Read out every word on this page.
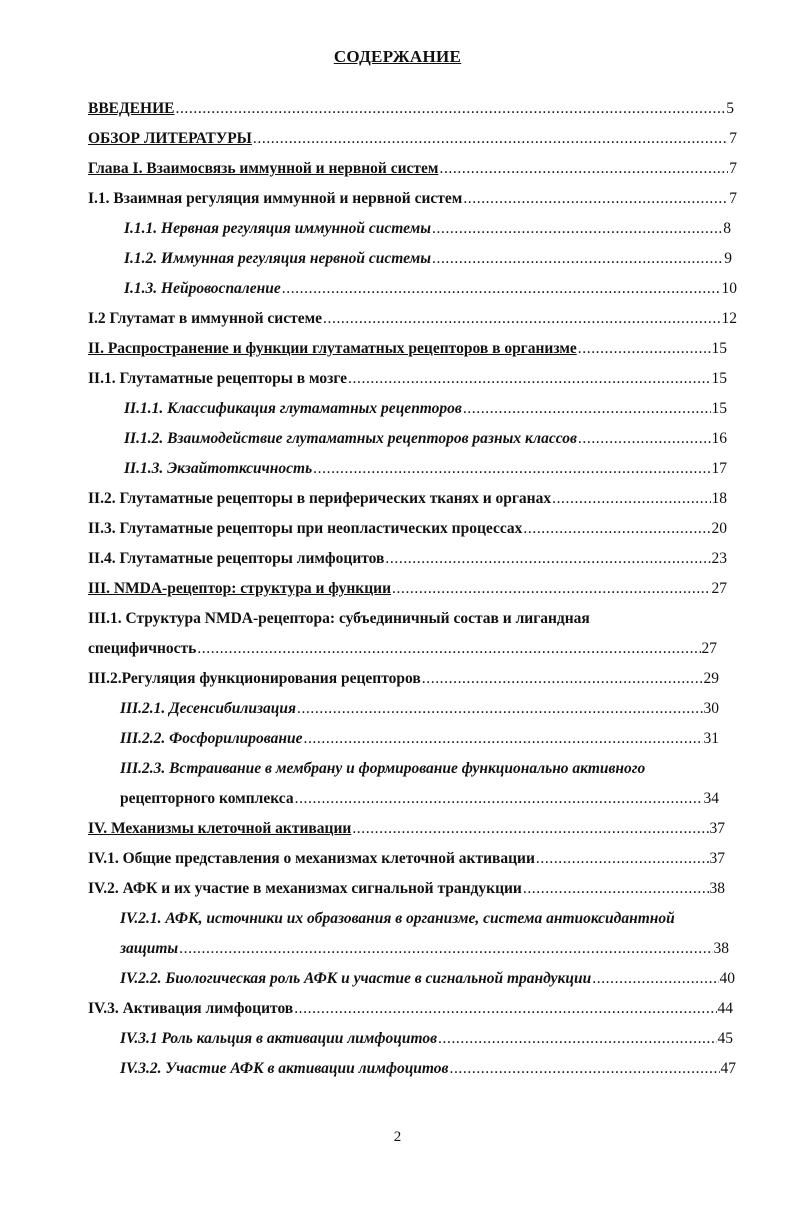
СОДЕРЖАНИЕ
ВВЕДЕНИЕ .....	5
ОБЗОР ЛИТЕРАТУРЫ .....	7
Глава I. Взаимосвязь иммунной и нервной систем .....	7
I.1. Взаимная регуляция иммунной и нервной систем .....	7
I.1.1. Нервная регуляция иммунной системы .....	8
I.1.2. Иммунная регуляция нервной системы .....	9
I.1.3. Нейровоспаление .....	10
I.2 Глутамат в иммунной системе .....	12
II. Распространение и функции глутаматных рецепторов в организме .....	15
II.1. Глутаматные рецепторы в мозге .....	15
II.1.1. Классификация глутаматных рецепторов .....	15
II.1.2. Взаимодействие глутаматных рецепторов разных классов .....	16
II.1.3. Экзайтотксичность .....	17
II.2. Глутаматные рецепторы в периферических тканях и органах .....	18
II.3. Глутаматные рецепторы при неопластических процессах .....	20
II.4. Глутаматные рецепторы лимфоцитов .....	23
III. NMDA-рецептор: структура и функции .....	27
III.1. Структура NMDA-рецептора: субъединичный состав и лигандная
специфичность .....	27
III.2.Регуляция функционирования рецепторов .....	29
III.2.1. Десенсибилизация .....	30
III.2.2. Фосфорилирование .....	31
III.2.3. Встраивание в мембрану и формирование функционально активного
рецепторного комплекса .....	34
IV. Механизмы клеточной активации .....	37
IV.1. Общие представления о механизмах клеточной активации .....	37
IV.2. АФК и их участие в механизмах сигнальной трандукции .....	38
IV.2.1. АФК, источники их образования в организме, система антиоксидантной
защиты .....	38
IV.2.2. Биологическая роль АФК и участие в сигнальной трандукции .....	40
IV.3. Активация лимфоцитов .....	44
IV.3.1 Роль кальция в активации лимфоцитов .....	45
IV.3.2. Участие АФК в активации лимфоцитов .....	47
2
